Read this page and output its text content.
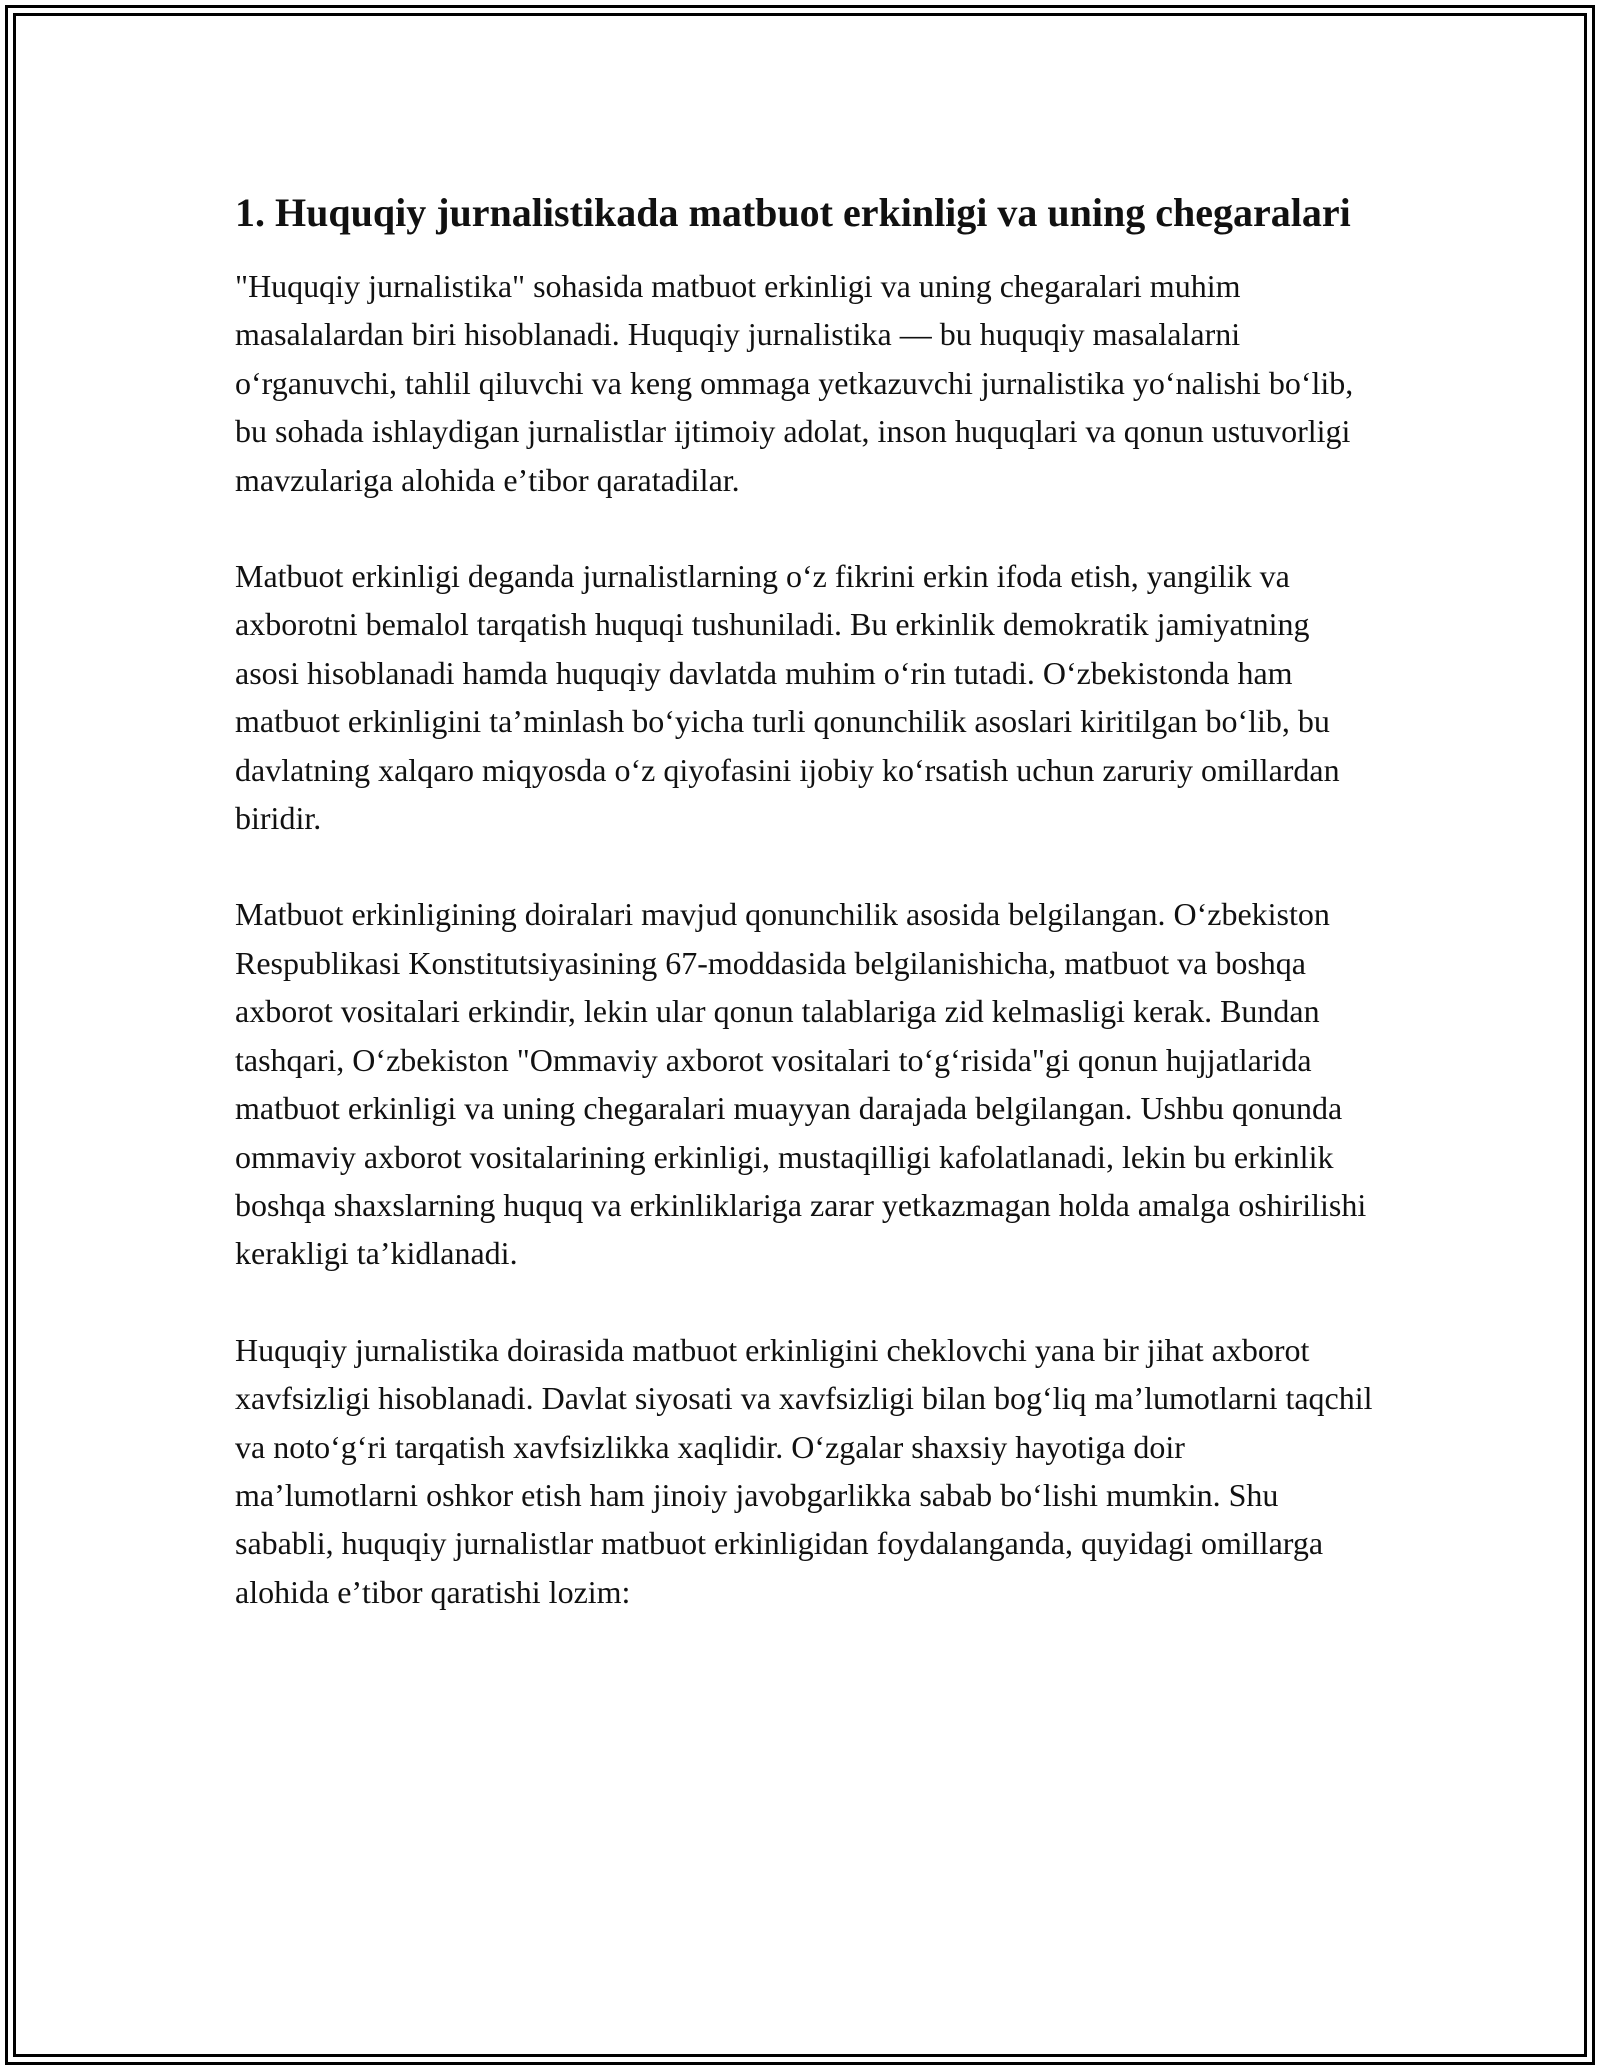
1. Huquqiy jurnalistikada matbuot erkinligi va uning chegaralari

"Huquqiy jurnalistika" sohasida matbuot erkinligi va uning chegaralari muhim masalalardan biri hisoblanadi. Huquqiy jurnalistika — bu huquqiy masalalarni oʻrganuvchi, tahlil qiluvchi va keng ommaga yetkazuvchi jurnalistika yoʻnalishi boʻlib, bu sohada ishlaydigan jurnalistlar ijtimoiy adolat, inson huquqlari va qonun ustuvorligi mavzulariga alohida eʼtibor qaratadilar.

Matbuot erkinligi deganda jurnalistlarning oʻz fikrini erkin ifoda etish, yangilik va axborotni bemalol tarqatish huquqi tushuniladi. Bu erkinlik demokratik jamiyatning asosi hisoblanadi hamda huquqiy davlatda muhim oʻrin tutadi. Oʻzbekistonda ham matbuot erkinligini taʼminlash boʻyicha turli qonunchilik asoslari kiritilgan boʻlib, bu davlatning xalqaro miqyosda oʻz qiyofasini ijobiy koʻrsatish uchun zaruriy omillardan biridir.

Matbuot erkinligining doiralari mavjud qonunchilik asosida belgilangan. Oʻzbekiston Respublikasi Konstitutsiyasining 67-moddasida belgilanishicha, matbuot va boshqa axborot vositalari erkindir, lekin ular qonun talablariga zid kelmasligi kerak. Bundan tashqari, Oʻzbekiston "Ommaviy axborot vositalari toʻgʻrisida"gi qonun hujjatlarida matbuot erkinligi va uning chegaralari muayyan darajada belgilangan. Ushbu qonunda ommaviy axborot vositalarining erkinligi, mustaqilligi kafolatlanadi, lekin bu erkinlik boshqa shaxslarning huquq va erkinliklariga zarar yetkazmagan holda amalga oshirilishi kerakligi taʼkidlanadi.

Huquqiy jurnalistika doirasida matbuot erkinligini cheklovchi yana bir jihat axborot xavfsizligi hisoblanadi. Davlat siyosati va xavfsizligi bilan bogʻliq maʼlumotlarni taqchil va notoʻgʻri tarqatish xavfsizlikka xaqlidir. Oʻzgalar shaxsiy hayotiga doir maʼlumotlarni oshkor etish ham jinoiy javobgarlikka sabab boʻlishi mumkin. Shu sababli, huquqiy jurnalistlar matbuot erkinligidan foydalanganda, quyidagi omillarga alohida eʼtibor qaratishi lozim:
